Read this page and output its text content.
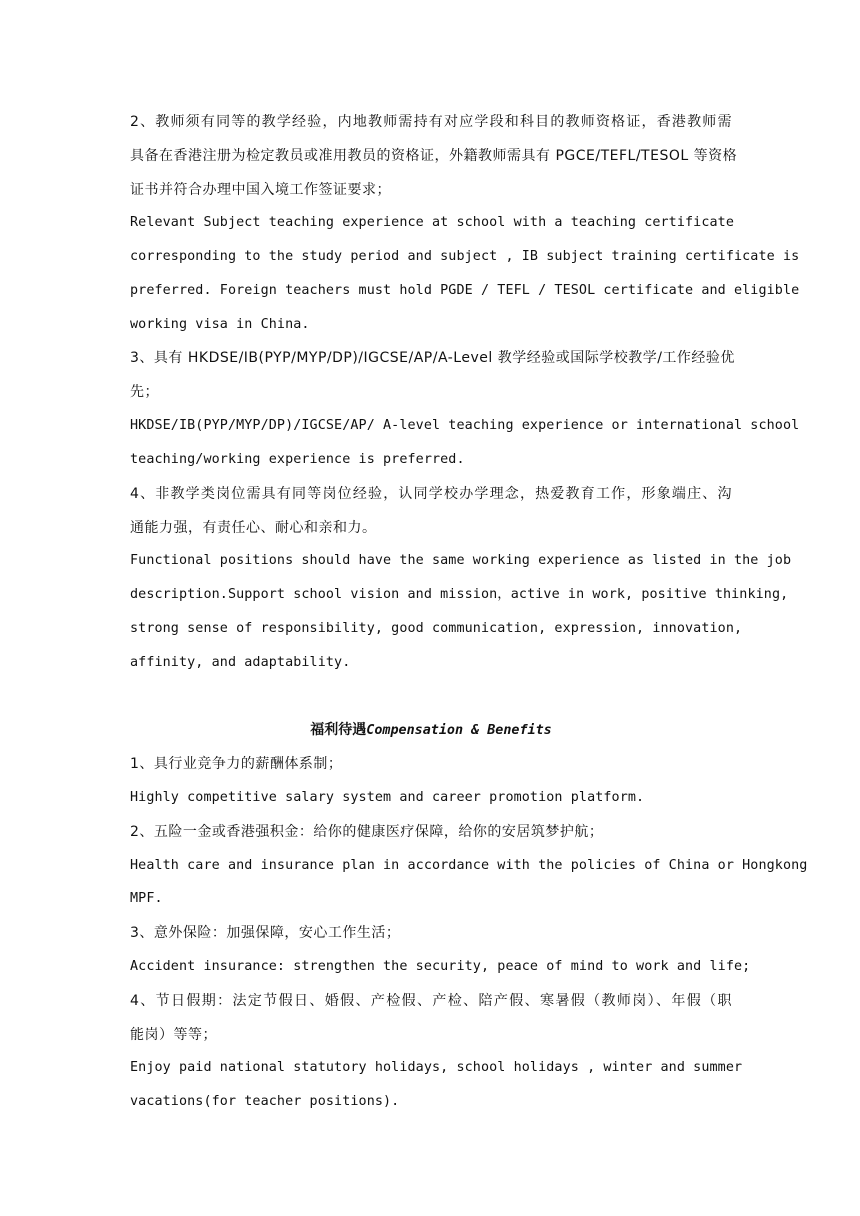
2、教师须有同等的教学经验，内地教师需持有对应学段和科目的教师资格证，香港教师需
具备在香港注册为检定教员或准用教员的资格证，外籍教师需具有 PGCE/TEFL/TESOL 等资格
证书并符合办理中国入境工作签证要求；
Relevant Subject teaching experience at school with a teaching certificate
corresponding to the study period and subject , IB subject training certificate is
preferred. Foreign teachers must hold PGDE / TEFL / TESOL certificate and eligible
working visa in China.
3、具有 HKDSE/IB(PYP/MYP/DP)/IGCSE/AP/A-Level 教学经验或国际学校教学/工作经验优
先；
HKDSE/IB(PYP/MYP/DP)/IGCSE/AP/ A-level teaching experience or international school
teaching/working experience is preferred.
4、非教学类岗位需具有同等岗位经验，认同学校办学理念，热爱教育工作，形象端庄、沟
通能力强，有责任心、耐心和亲和力。
Functional positions should have the same working experience as listed in the job
description.Support school vision and mission，active in work, positive thinking,
strong sense of responsibility, good communication, expression, innovation,
affinity, and adaptability.
福利待遇Compensation & Benefits
1、具行业竞争力的薪酬体系制；
Highly competitive salary system and career promotion platform.
2、五险一金或香港强积金：给你的健康医疗保障，给你的安居筑梦护航；
Health care and insurance plan in accordance with the policies of China or Hongkong
MPF.
3、意外保险：加强保障，安心工作生活；
Accident insurance: strengthen the security, peace of mind to work and life;
4、节日假期：法定节假日、婚假、产检假、产检、陪产假、寒暑假（教师岗）、年假（职
能岗）等等；
Enjoy paid national statutory holidays, school holidays , winter and summer
vacations(for teacher positions).
